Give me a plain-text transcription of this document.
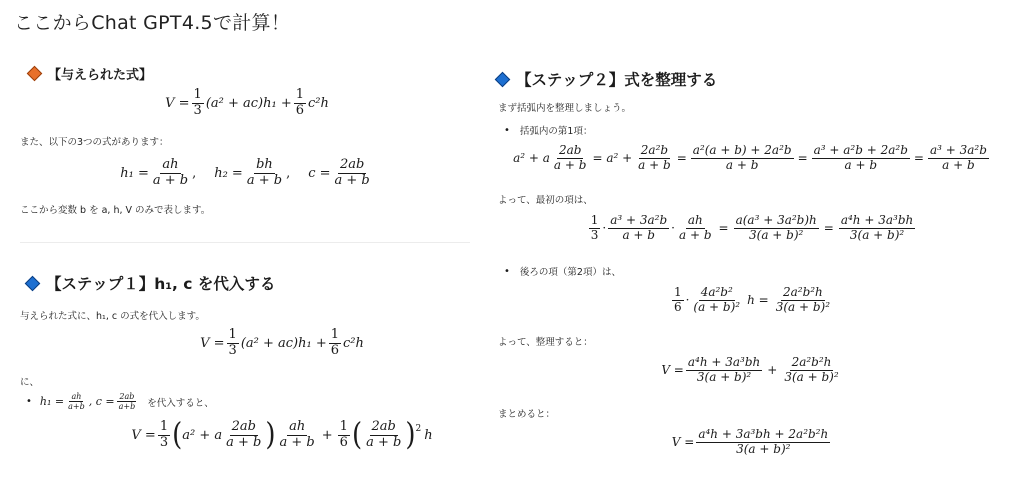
ここからChat GPT4.5で計算！
【与えられた式】
$V = \frac{1}{3} (a^2 + ac)h_1 + \frac{1}{6} c^2h$
また、以下の3つの式があります：
$h_1 = \frac{ah}{a + b}$ , $h_2 = \frac{bh}{a + b}$ , $c = \frac{2ab}{a + b}$
ここから変数 b を a, h, V のみで表します。
【ステップ１】h₁, c を代入する
与えられた式に、h₁, c の式を代入します。
$V = \frac{1}{3} (a^2 + ac)h_1 + \frac{1}{6} c^2h$
に、
• $h_1 = \frac{ah}{a+b}$ , $c = \frac{2ab}{a+b}$ を代入すると、
$V = \frac{1}{3}$ ( a² + a $\frac{2ab}{a + b}$ ) $\frac{ah}{a + b} + \frac{1}{6}$ ( $\frac{2ab}{a + b} )^2$ h
【ステップ２】式を整理する
まず括弧内を整理しましょう。
• 括弧内の第1項：
a² + a $\frac{2ab}{a + b} = a^2 + \frac{\text{2a²b}}{a + b} = \frac{\text{a²(a + b) + 2a²b}}{a + b} = \frac{\text{a³ + a²b + 2a²b}}{a + b} = \frac{\text{a³ + 3a²b}}{a + b}$
よって、最初の項は、
$\frac{1}{3} \cdot \frac{\text{a³ + 3a²b}}{a + b} \cdot \frac{ah}{a + b} = \frac{\text{a(a³ + 3a²b)h}}{\text{3(a + b)²}} = \frac{\text{a⁴h + 3a³bh}}{\text{3(a + b)²}}$
• 後ろの項（第2項）は、
$\frac{1}{6} \cdot \frac{\text{4a²b²}}{\text{(a + b)²}}$ $h = \frac{\text{2a²b²h}}{\text{3(a + b)²}}$
よって、整理すると：
$V = \frac{\text{a⁴h + 3a³bh}}{\text{3(a + b)²}} + \frac{\text{2a²b²h}}{\text{3(a + b)²}}$
まとめると：
$V = \frac{\text{a⁴h + 3a³bh + 2a²b²h}}{\text{3(a + b)²}}$
